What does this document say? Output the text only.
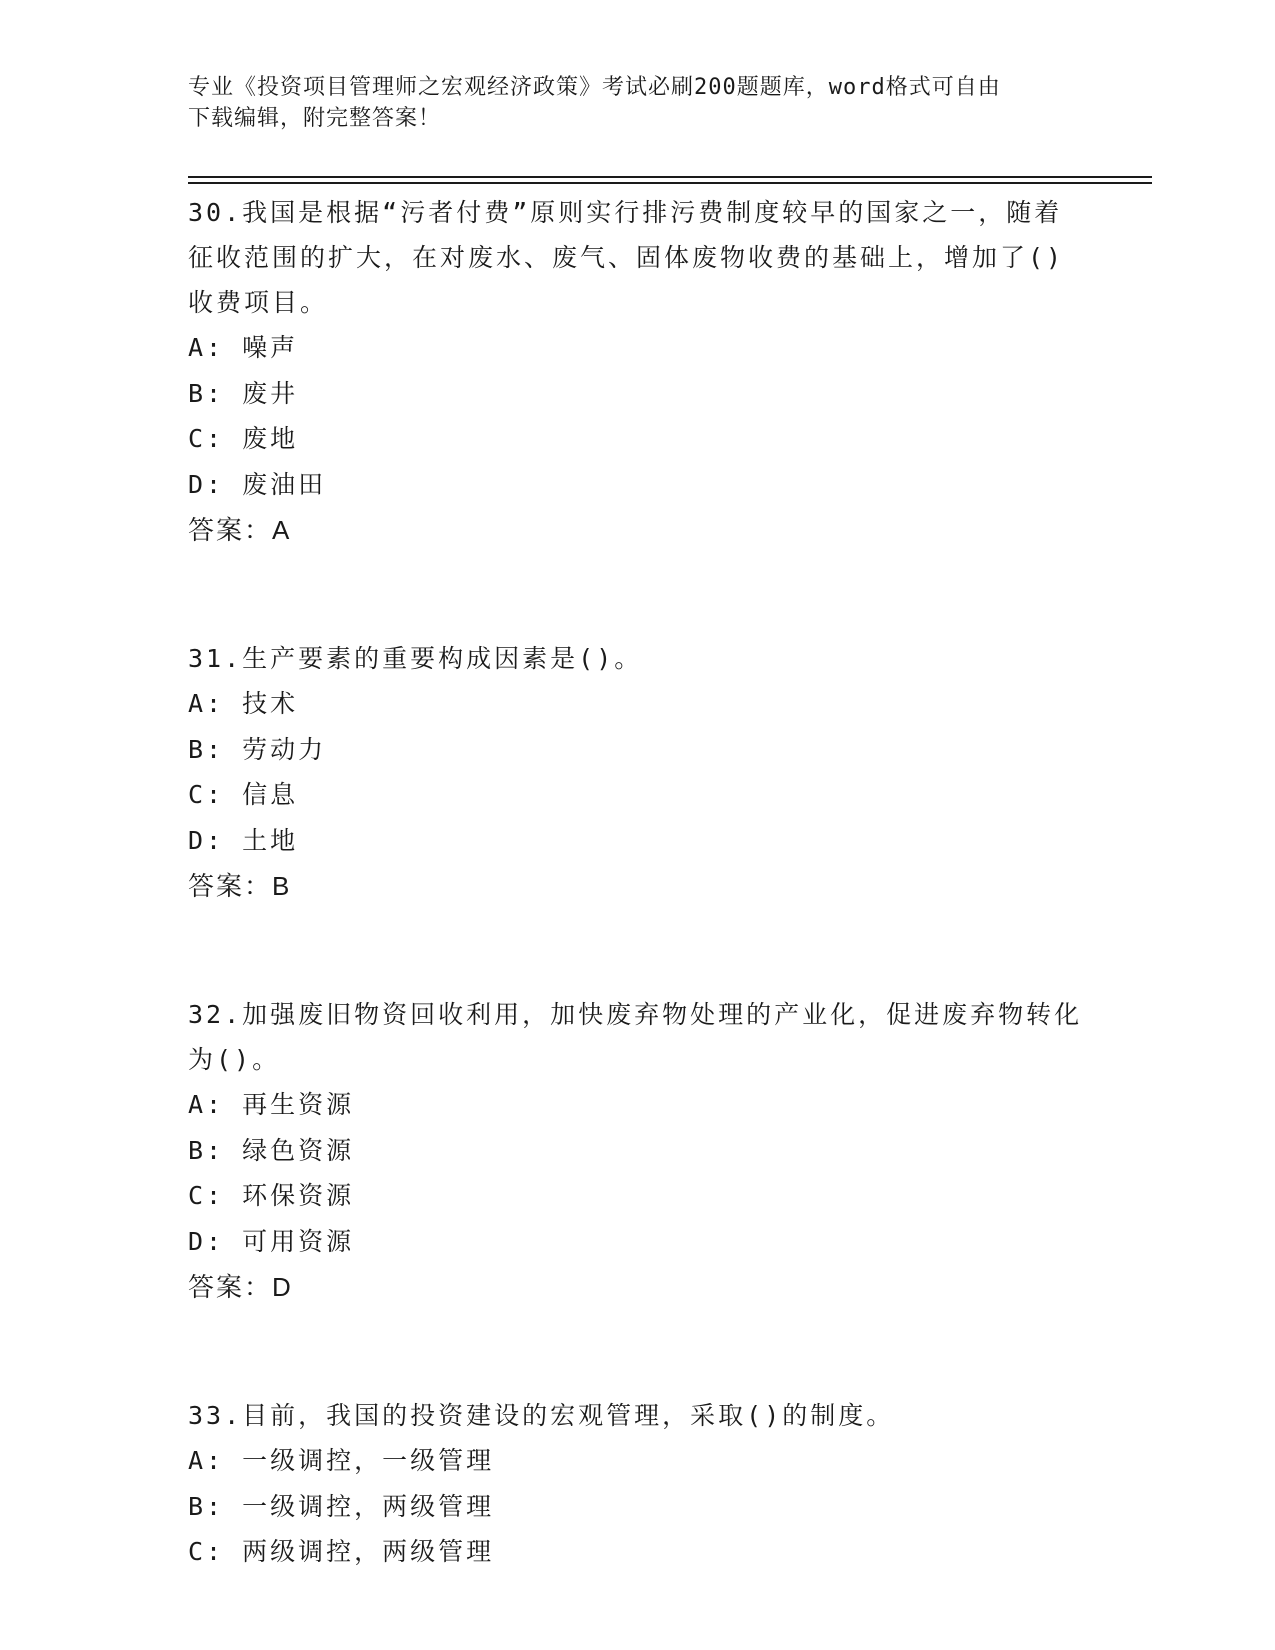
专业《投资项目管理师之宏观经济政策》考试必刷200题题库，word格式可自由
下载编辑，附完整答案！
30.我国是根据“污者付费”原则实行排污费制度较早的国家之一，随着征收范围的扩大，在对废水、废气、固体废物收费的基础上，增加了()收费项目。
A: 噪声
B: 废井
C: 废地
D: 废油田
答案：A
31.生产要素的重要构成因素是()。
A: 技术
B: 劳动力
C: 信息
D: 土地
答案：B
32.加强废旧物资回收利用，加快废弃物处理的产业化，促进废弃物转化为()。
A: 再生资源
B: 绿色资源
C: 环保资源
D: 可用资源
答案：D
33.目前，我国的投资建设的宏观管理，采取()的制度。
A: 一级调控，一级管理
B: 一级调控，两级管理
C: 两级调控，两级管理
